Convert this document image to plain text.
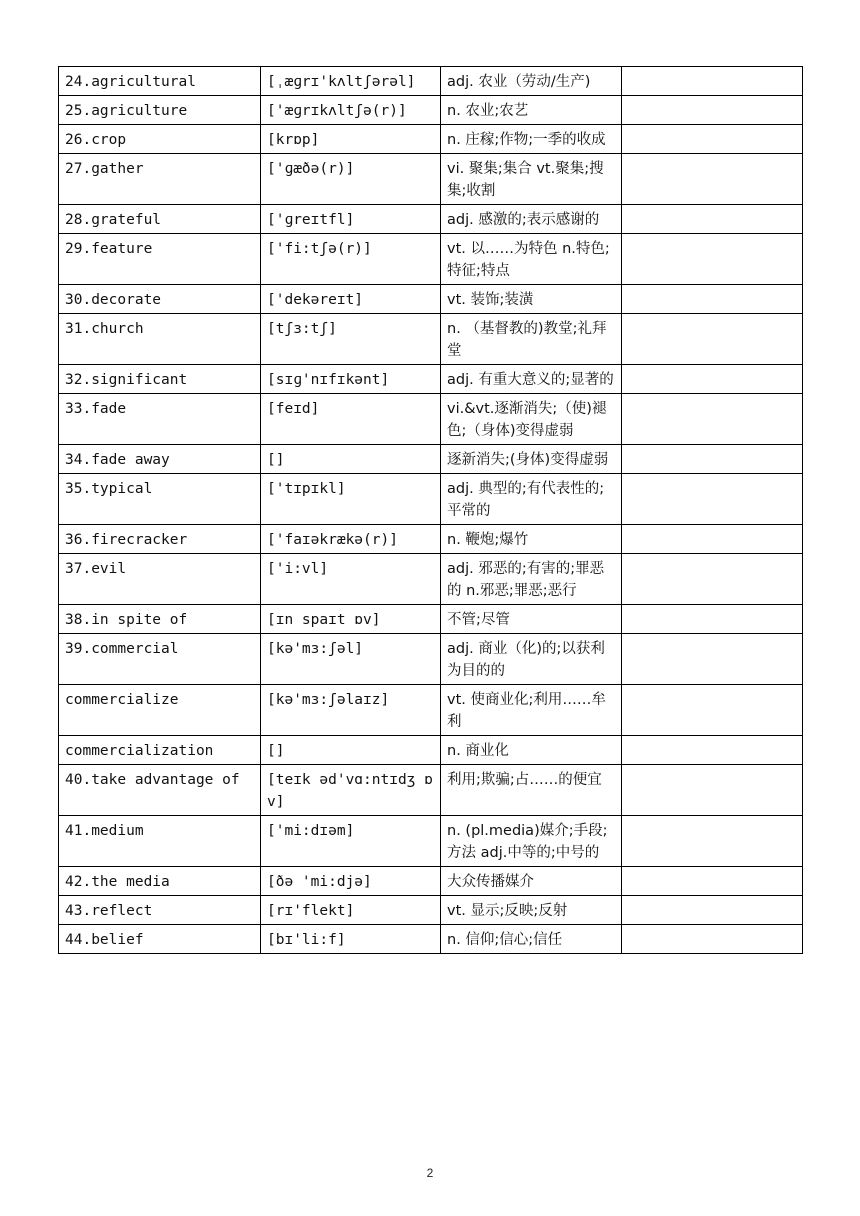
24.agricultural	[ˌæɡrɪ'kʌltʃərəl]	adj. 农业（劳动/生产)	
25.agriculture	['æɡrɪkʌltʃə(r)]	n. 农业;农艺	
26.crop	[krɒp]	n. 庄稼;作物;一季的收成	
27.gather	['ɡæðə(r)]	vi. 聚集;集合 vt.聚集;搜集;收割	
28.grateful	['ɡreɪtfl]	adj. 感激的;表示感谢的	
29.feature	['fi:tʃə(r)]	vt. 以……为特色 n.特色;特征;特点	
30.decorate	['dekəreɪt]	vt. 装饰;装潢	
31.church	[tʃɜ:tʃ]	n. （基督教的)教堂;礼拜堂	
32.significant	[sɪɡ'nɪfɪkənt]	adj. 有重大意义的;显著的	
33.fade	[feɪd]	vi.&vt.逐渐消失;（使)褪色;（身体)变得虚弱	
34.fade away	[]	逐新消失;(身体)变得虚弱	
35.typical	['tɪpɪkl]	adj. 典型的;有代表性的;平常的	
36.firecracker	['faɪəkrækə(r)]	n. 鞭炮;爆竹	
37.evil	['i:vl]	adj. 邪恶的;有害的;罪恶的 n.邪恶;罪恶;恶行	
38.in spite of	[ɪn spaɪt ɒv]	不管;尽管	
39.commercial	[kə'mɜ:ʃəl]	adj. 商业（化)的;以获利为目的的	
commercialize	[kə'mɜ:ʃəlaɪz]	vt. 使商业化;利用……牟利	
commercialization	[]	n. 商业化	
40.take advantage of	[teɪk əd'vɑ:ntɪdʒ ɒv]	利用;欺骗;占……的便宜	
41.medium	['mi:dɪəm]	n. (pl.media)媒介;手段;方法 adj.中等的;中号的	
42.the media	[ðə 'mi:djə]	大众传播媒介	
43.reflect	[rɪ'flekt]	vt. 显示;反映;反射	
44.belief	[bɪ'li:f]	n. 信仰;信心;信任	
2
